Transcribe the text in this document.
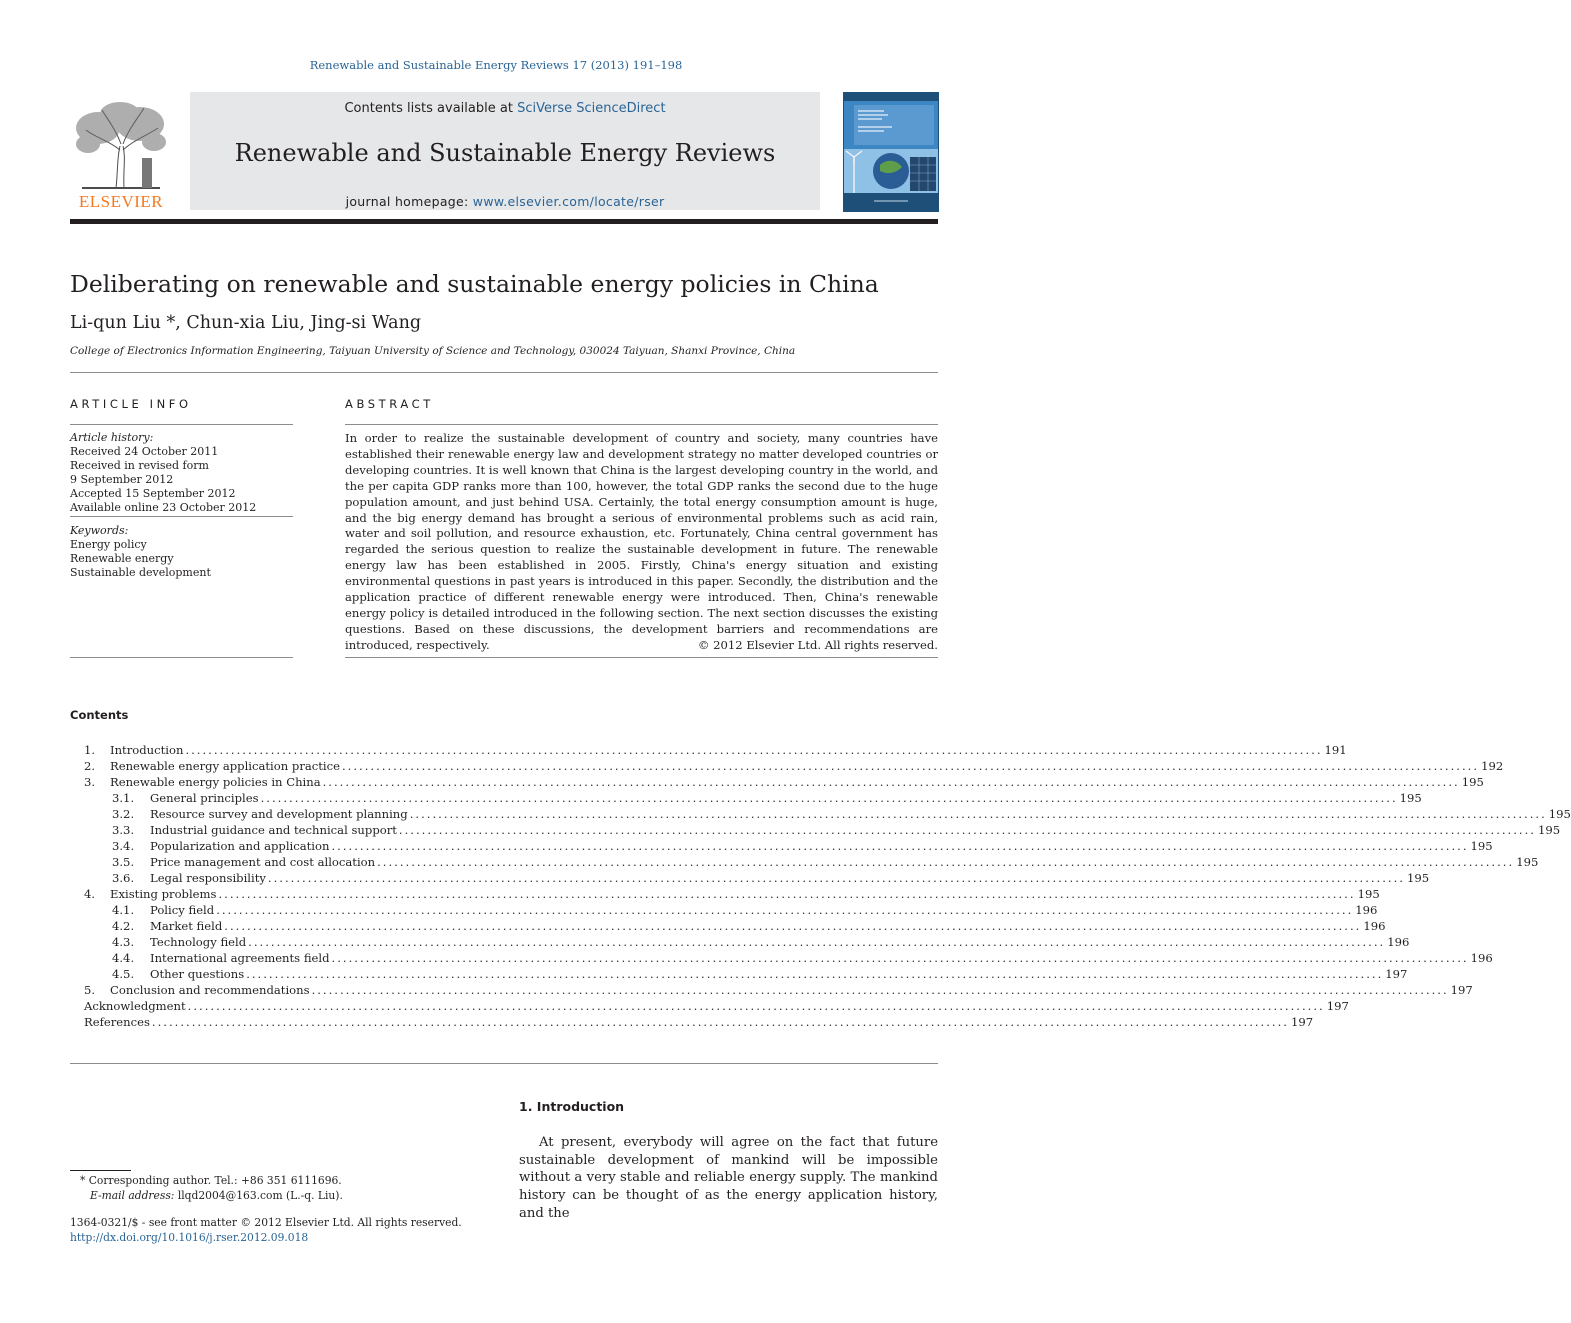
Renewable and Sustainable Energy Reviews 17 (2013) 191–198
ELSEVIER
Contents lists available at SciVerse ScienceDirect
Renewable and Sustainable Energy Reviews
journal homepage: www.elsevier.com/locate/rser
Deliberating on renewable and sustainable energy policies in China
Li-qun Liu *, Chun-xia Liu, Jing-si Wang
College of Electronics Information Engineering, Taiyuan University of Science and Technology, 030024 Taiyuan, Shanxi Province, China
ARTICLE INFO
Article history:
Received 24 October 2011
Received in revised form
9 September 2012
Accepted 15 September 2012
Available online 23 October 2012
Keywords:
Energy policy
Renewable energy
Sustainable development
ABSTRACT
In order to realize the sustainable development of country and society, many countries have established their renewable energy law and development strategy no matter developed countries or developing countries. It is well known that China is the largest developing country in the world, and the per capita GDP ranks more than 100, however, the total GDP ranks the second due to the huge population amount, and just behind USA. Certainly, the total energy consumption amount is huge, and the big energy demand has brought a serious of environmental problems such as acid rain, water and soil pollution, and resource exhaustion, etc. Fortunately, China central government has regarded the serious question to realize the sustainable development in future. The renewable energy law has been established in 2005. Firstly, China's energy situation and existing environmental questions in past years is introduced in this paper. Secondly, the distribution and the application practice of different renewable energy were introduced. Then, China's renewable energy policy is detailed introduced in the following section. The next section discusses the existing questions. Based on these discussions, the development barriers and recommendations are introduced, respectively.	© 2012 Elsevier Ltd. All rights reserved.
Contents
1. Introduction ........................................................................................................................................................................................................ 191
2. Renewable energy application practice ........................................................................................................................................................................................................ 192
3. Renewable energy policies in China ........................................................................................................................................................................................................ 195
3.1. General principles ........................................................................................................................................................................................................ 195
3.2. Resource survey and development planning ........................................................................................................................................................................................................ 195
3.3. Industrial guidance and technical support ........................................................................................................................................................................................................ 195
3.4. Popularization and application ........................................................................................................................................................................................................ 195
3.5. Price management and cost allocation ........................................................................................................................................................................................................ 195
3.6. Legal responsibility ........................................................................................................................................................................................................ 195
4. Existing problems ........................................................................................................................................................................................................ 195
4.1. Policy field ........................................................................................................................................................................................................ 196
4.2. Market field ........................................................................................................................................................................................................ 196
4.3. Technology field ........................................................................................................................................................................................................ 196
4.4. International agreements field ........................................................................................................................................................................................................ 196
4.5. Other questions ........................................................................................................................................................................................................ 197
5. Conclusion and recommendations ........................................................................................................................................................................................................ 197
Acknowledgment ........................................................................................................................................................................................................ 197
References ........................................................................................................................................................................................................ 197
1. Introduction
At present, everybody will agree on the fact that future sustainable development of mankind will be impossible without a very stable and reliable energy supply. The mankind history can be thought of as the energy application history, and the
* Corresponding author. Tel.: +86 351 6111696.
E-mail address: llqd2004@163.com (L.-q. Liu).
1364-0321/$ - see front matter © 2012 Elsevier Ltd. All rights reserved.
http://dx.doi.org/10.1016/j.rser.2012.09.018
